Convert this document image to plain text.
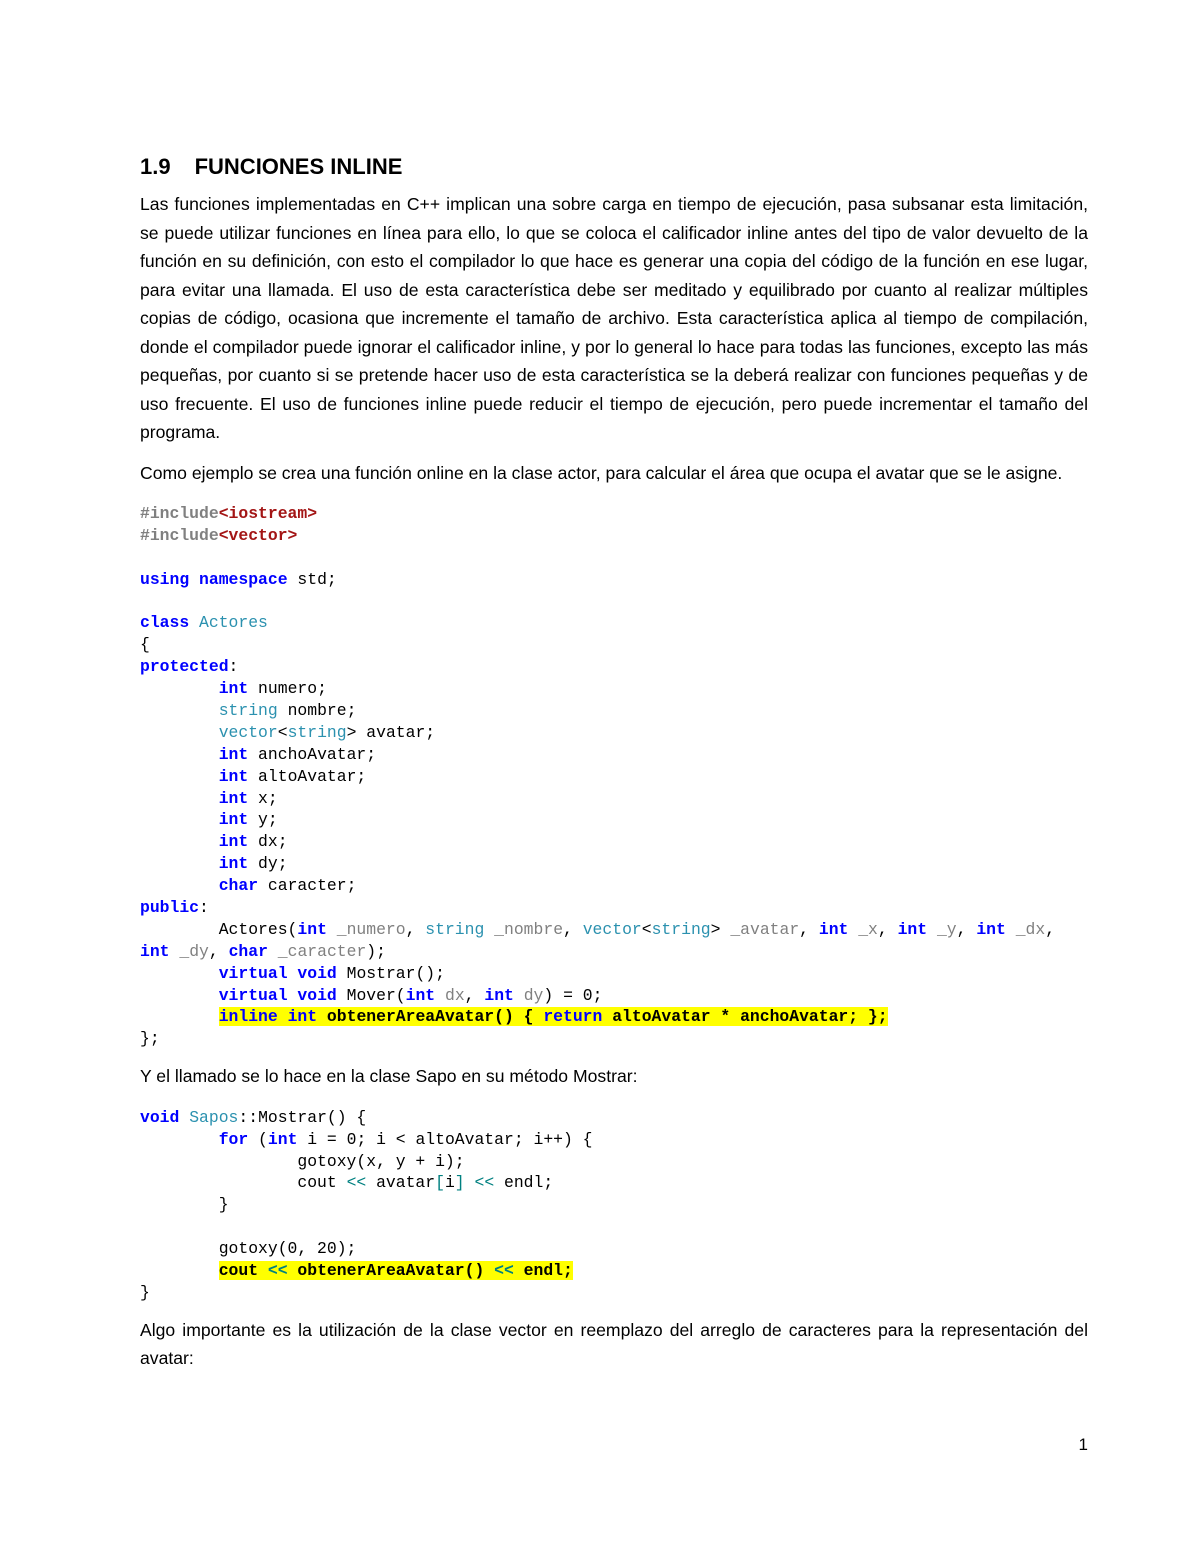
1.9 FUNCIONES INLINE

Las funciones implementadas en C++ implican una sobre carga en tiempo de ejecución, pasa subsanar esta limitación, se puede utilizar funciones en línea para ello, lo que se coloca el calificador inline antes del tipo de valor devuelto de la función en su definición, con esto el compilador lo que hace es generar una copia del código de la función en ese lugar, para evitar una llamada. El uso de esta característica debe ser meditado y equilibrado por cuanto al realizar múltiples copias de código, ocasiona que incremente el tamaño de archivo. Esta característica aplica al tiempo de compilación, donde el compilador puede ignorar el calificador inline, y por lo general lo hace para todas las funciones, excepto las más pequeñas, por cuanto si se pretende hacer uso de esta característica se la deberá realizar con funciones pequeñas y de uso frecuente. El uso de funciones inline puede reducir el tiempo de ejecución, pero puede incrementar el tamaño del programa.

Como ejemplo se crea una función online en la clase actor, para calcular el área que ocupa el avatar que se le asigne.

#include<iostream>
#include<vector>

using namespace std;

class Actores
{
protected:
int numero;
string nombre;
vector<string> avatar;
int anchoAvatar;
int altoAvatar;
int x;
int y;
int dx;
int dy;
char caracter;
public:
Actores(int _numero, string _nombre, vector<string> _avatar, int _x, int _y, int _dx,
int _dy, char _caracter);
virtual void Mostrar();
virtual void Mover(int dx, int dy) = 0;
inline int obtenerAreaAvatar() { return altoAvatar * anchoAvatar; };
};

Y el llamado se lo hace en la clase Sapo en su método Mostrar:

void Sapos::Mostrar() {
for (int i = 0; i < altoAvatar; i++) {
gotoxy(x, y + i);
cout << avatar[i] << endl;
}

gotoxy(0, 20);
cout << obtenerAreaAvatar() << endl;
}

Algo importante es la utilización de la clase vector en reemplazo del arreglo de caracteres para la representación del avatar:

1
